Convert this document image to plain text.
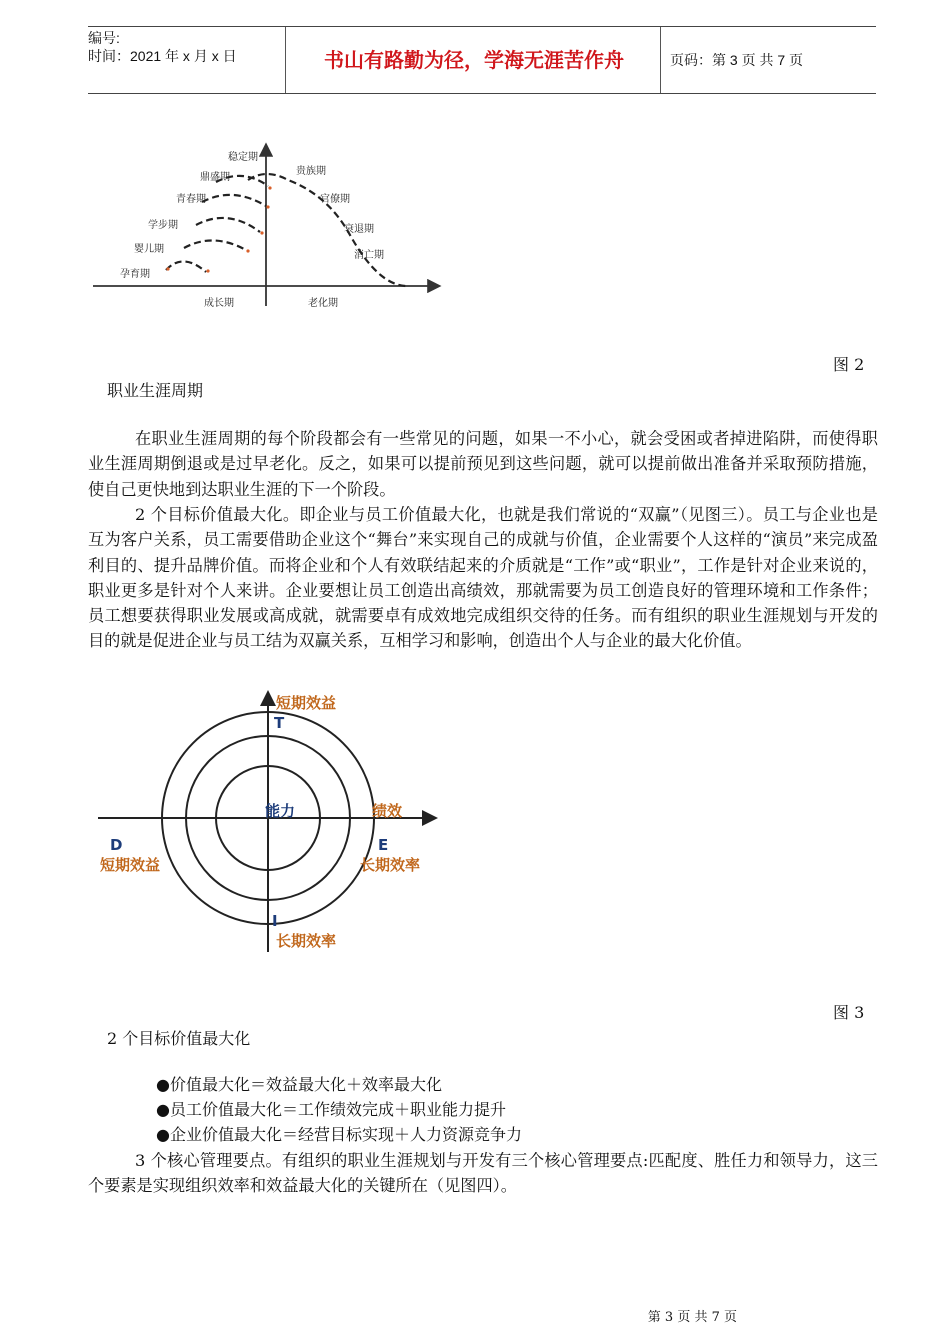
编号:
时间：2021 年 x 月 x 日	书山有路勤为径，学海无涯苦作舟	页码：第 3 页 共 7 页
孕育期
婴儿期
学步期
青春期
鼎盛期
稳定期
贵族期
官僚期
衰退期
消亡期
成长期	老化期
图 2
职业生涯周期

在职业生涯周期的每个阶段都会有一些常见的问题，如果一不小心，就会受困或者掉进陷阱，而使得职业生涯周期倒退或是过早老化。反之，如果可以提前预见到这些问题，就可以提前做出准备并采取预防措施，使自己更快地到达职业生涯的下一个阶段。

2 个目标价值最大化。即企业与员工价值最大化，也就是我们常说的“双赢”（见图三）。员工与企业也是互为客户关系，员工需要借助企业这个“舞台”来实现自己的成就与价值，企业需要个人这样的“演员”来完成盈利目的、提升品牌价值。而将企业和个人有效联结起来的介质就是“工作”或“职业”，工作是针对企业来说的，职业更多是针对个人来讲。企业要想让员工创造出高绩效，那就需要为员工创造良好的管理环境和工作条件；员工想要获得职业发展或高成就，就需要卓有成效地完成组织交待的任务。而有组织的职业生涯规划与开发的目的就是促进企业与员工结为双赢关系，互相学习和影响，创造出个人与企业的最大化价值。

短期效益
T
能力	绩效
D
短期效益
E
长期效率
I
长期效率
图 3
2 个目标价值最大化
●价值最大化＝效益最大化＋效率最大化
●员工价值最大化＝工作绩效完成＋职业能力提升
●企业价值最大化＝经营目标实现＋人力资源竞争力

3 个核心管理要点。有组织的职业生涯规划与开发有三个核心管理要点:匹配度、胜任力和领导力，这三个要素是实现组织效率和效益最大化的关键所在（见图四）。

第 3 页 共 7 页
